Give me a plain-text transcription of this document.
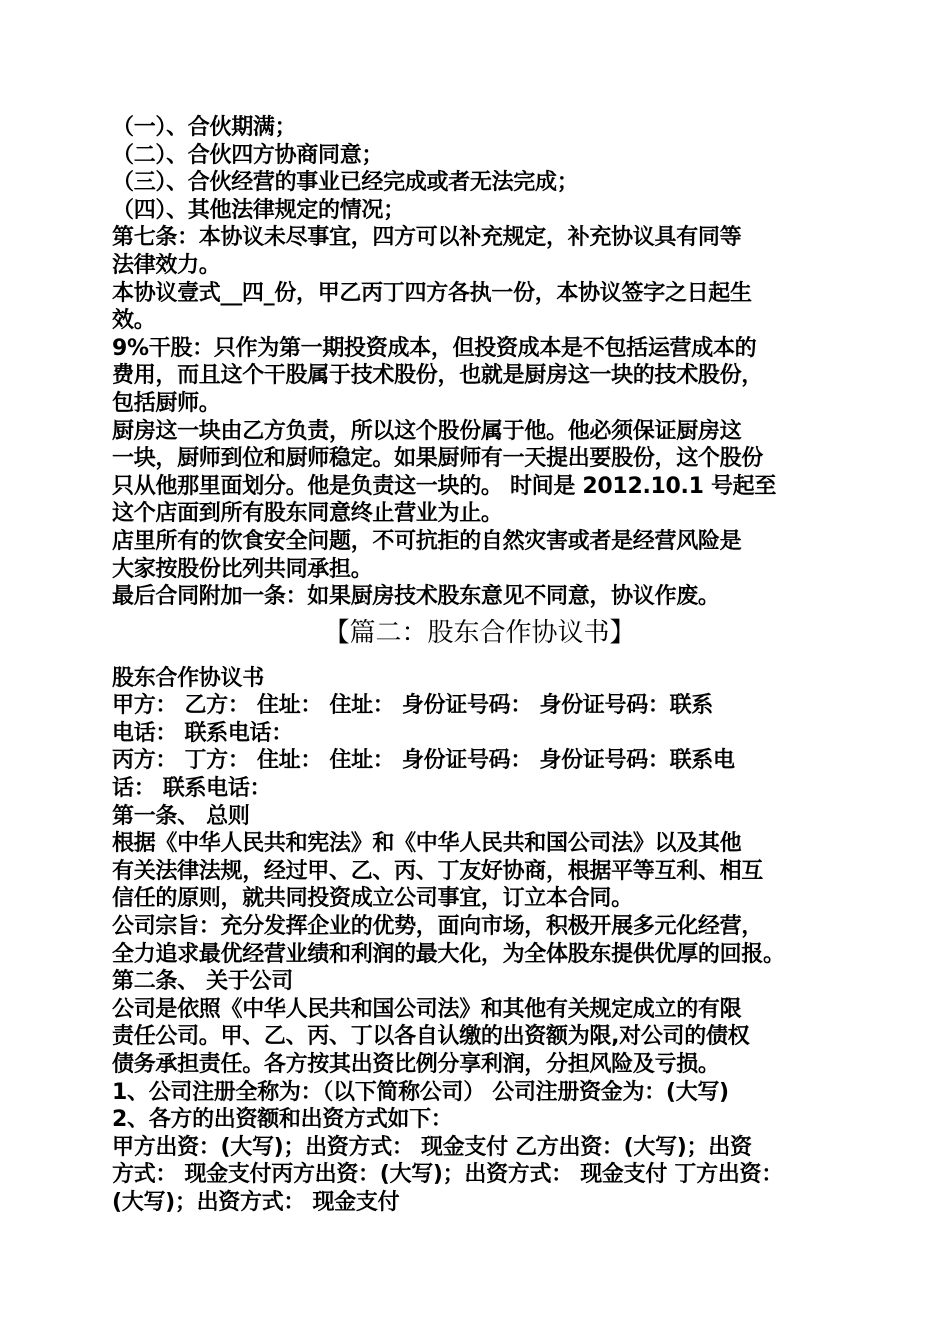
（一）、合伙期满；
（二）、合伙四方协商同意；
（三）、合伙经营的事业已经完成或者无法完成；
（四）、其他法律规定的情况；
第七条：本协议未尽事宜，四方可以补充规定，补充协议具有同等
法律效力。
本协议壹式__四_份，甲乙丙丁四方各执一份，本协议签字之日起生
效。
9%干股：只作为第一期投资成本，但投资成本是不包括运营成本的
费用，而且这个干股属于技术股份，也就是厨房这一块的技术股份，
包括厨师。
厨房这一块由乙方负责，所以这个股份属于他。他必须保证厨房这
一块，厨师到位和厨师稳定。如果厨师有一天提出要股份，这个股份
只从他那里面划分。他是负责这一块的。 时间是 2012.10.1 号起至
这个店面到所有股东同意终止营业为止。
店里所有的饮食安全问题，不可抗拒的自然灾害或者是经营风险是
大家按股份比列共同承担。
最后合同附加一条：如果厨房技术股东意见不同意，协议作废。
【篇二：股东合作协议书】
股东合作协议书
甲方： 乙方： 住址： 住址： 身份证号码： 身份证号码：联系
电话： 联系电话：
丙方： 丁方： 住址： 住址： 身份证号码： 身份证号码：联系电
话： 联系电话：
第一条、 总则
根据《中华人民共和宪法》和《中华人民共和国公司法》以及其他
有关法律法规，经过甲、乙、丙、丁友好协商，根据平等互利、相互
信任的原则，就共同投资成立公司事宜，订立本合同。
公司宗旨：充分发挥企业的优势，面向市场，积极开展多元化经营，
全力追求最优经营业绩和利润的最大化，为全体股东提供优厚的回报。
第二条、 关于公司
公司是依照《中华人民共和国公司法》和其他有关规定成立的有限
责任公司。甲、乙、丙、丁以各自认缴的出资额为限,对公司的债权
债务承担责任。各方按其出资比例分享利润，分担风险及亏损。
1、公司注册全称为：（以下简称公司） 公司注册资金为：(大写)
2、各方的出资额和出资方式如下：
甲方出资：(大写)；出资方式： 现金支付 乙方出资：(大写)；出资
方式： 现金支付丙方出资：(大写)；出资方式： 现金支付 丁方出资：
(大写)；出资方式： 现金支付
